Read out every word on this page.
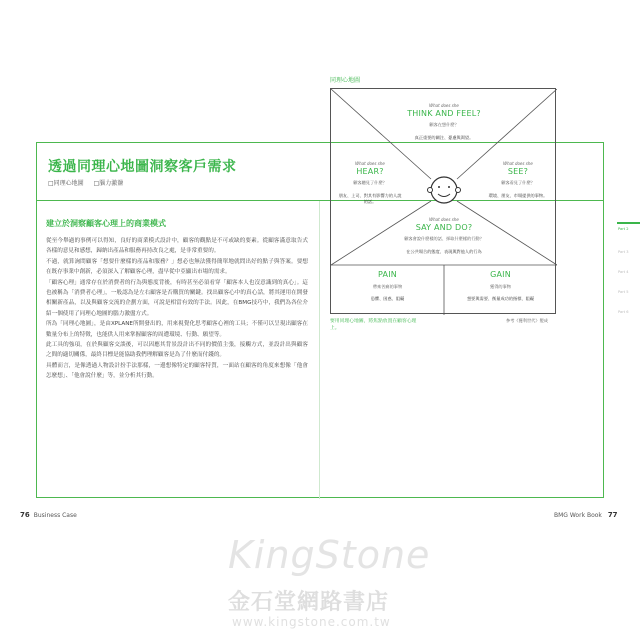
透過同理心地圖洞察客戶需求
□同理心地圖 □腦力激盪
建立於洞察顧客心理上的商業模式

從至今舉過的事例可以得知，良好的商業模式設計中，顧客的觀點是不可或缺的要素。從顧客滿意取告式各樣的意見和感想，歸納出產品和服務再持改良之處，是非常重要的。

不過，就算詢問顧客「想要什麼樣的產品和服務？」想必也無法獲得簡單地就問出好的點子與答案。要想在既存事業中創新，必須深入了解顧客心理，盡早從中亞顯出市場的需求。

「顧客心理」通常存在於消費者的行為與態度背後，有時甚至必須看穿「顧客本人也沒意識到的真心」。這也被稱為「消費者心理」，一般認為是左右顧客是否購買的關鍵。找出顧客心中的真心話，將其運用在開發相關新產品，以及與顧客交流的企劃方面，可說是相當有效的手法。因此，在BMG技巧中，我們為各位介紹一個使用了同理心地圖的腦力激盪方式。

所為「同理心地圖」，是由XPLANE所開發出的，用來視覺化思考顧客心裡的工具；不僅可以呈現出顧客在數量分布上的特徵，也能供人用來掌握顧客的周遭環境、行動、願望等。

此工具的強項，在於與顧客交談後，可以因應其背景設計出不同的價值主張，接觸方式，並設計出與顧客之間的適切關係，最終目標是能協助我們理解顧客是為了什麼而付錢的。

具體而言，是像透過人物設計扮手法那樣，一邊想像特定的顧客特質，一面站在顧客的角度來想像「他會怎麼想」、「他會說什麼」等，並分析其行動。

同理心地圖
What does she
THINK AND FEEL?
顧客在想什麼？
真正重要的關注、憂慮與渴望。
What does she
HEAR?
顧客聽見了什麼？
朋友、上司、對其有影響力的人說的話。
What does she
SEE?
顧客看見了什麼？
環境、朋友、市場提供的事物。
What does she
SAY AND DO?
顧客會說什麼樣的話、採取什麼樣的行動？
在公共場合的態度、表現與對他人的行為
PAIN
帶來苦痛的事物
恐懼、困惑、阻礙
GAIN
獲得的事物
想要與需要、衡量成功的指標、阻礙
要用同理心地圖，將焦點放置在顧客心理上。
參考《獲利世代》製成
Part 2
Part 3
Part 4
Part 5
Part 6
76 Business Case	BMG Work Book 77
KingStone
金石堂網路書店
www.kingstone.com.tw
